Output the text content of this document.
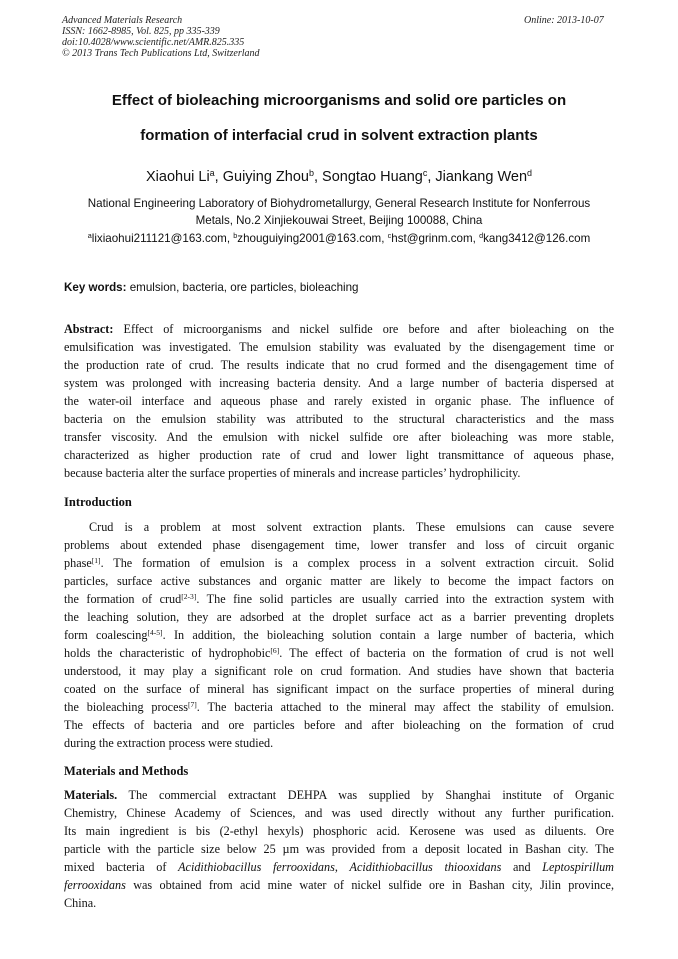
Advanced Materials Research
ISSN: 1662-8985, Vol. 825, pp 335-339
doi:10.4028/www.scientific.net/AMR.825.335
© 2013 Trans Tech Publications Ltd, Switzerland
Online: 2013-10-07
Effect of bioleaching microorganisms and solid ore particles on
formation of interfacial crud in solvent extraction plants
Xiaohui Li$^a$, Guiying Zhou$^b$, Songtao Huang$^c$, Jiankang Wen$^d$
National Engineering Laboratory of Biohydrometallurgy, General Research Institute for Nonferrous
Metals, No.2 Xinjiekouwai Street, Beijing 100088, China
$^a$lixiaohui211121@163.com, $^b$zhouguiying2001@163.com, $^c$hst@grinm.com, $^d$kang3412@126.com
Key words: emulsion, bacteria, ore particles, bioleaching
Abstract: Effect of microorganisms and nickel sulfide ore before and after bioleaching on the
emulsification was investigated. The emulsion stability was evaluated by the disengagement time or
the production rate of crud. The results indicate that no crud formed and the disengagement time of
system was prolonged with increasing bacteria density. And a large number of bacteria dispersed at
the water-oil interface and aqueous phase and rarely existed in organic phase. The influence of
bacteria on the emulsion stability was attributed to the structural characteristics and the mass
transfer viscosity. And the emulsion with nickel sulfide ore after bioleaching was more stable,
characterized as higher production rate of crud and lower light transmittance of aqueous phase,
because bacteria alter the surface properties of minerals and increase particles’ hydrophilicity.
Introduction
Crud is a problem at most solvent extraction plants. These emulsions can cause severe
problems about extended phase disengagement time, lower transfer and loss of circuit organic
phase[1]. The formation of emulsion is a complex process in a solvent extraction circuit. Solid
particles, surface active substances and organic matter are likely to become the impact factors on
the formation of crud[2-3]. The fine solid particles are usually carried into the extraction system with
the leaching solution, they are adsorbed at the droplet surface act as a barrier preventing droplets
form coalescing[4-5]. In addition, the bioleaching solution contain a large number of bacteria, which
holds the characteristic of hydrophobic[6]. The effect of bacteria on the formation of crud is not well
understood, it may play a significant role on crud formation. And studies have shown that bacteria
coated on the surface of mineral has significant impact on the surface properties of mineral during
the bioleaching process[7]. The bacteria attached to the mineral may affect the stability of emulsion.
The effects of bacteria and ore particles before and after bioleaching on the formation of crud
during the extraction process were studied.
Materials and Methods
Materials. The commercial extractant DEHPA was supplied by Shanghai institute of Organic
Chemistry, Chinese Academy of Sciences, and was used directly without any further purification.
Its main ingredient is bis (2-ethyl hexyls) phosphoric acid. Kerosene was used as diluents. Ore
particle with the particle size below 25 µm was provided from a deposit located in Bashan city. The
mixed bacteria of Acidithiobacillus ferrooxidans, Acidithiobacillus thiooxidans and Leptospirillum
ferrooxidans was obtained from acid mine water of nickel sulfide ore in Bashan city, Jilin province,
China.
